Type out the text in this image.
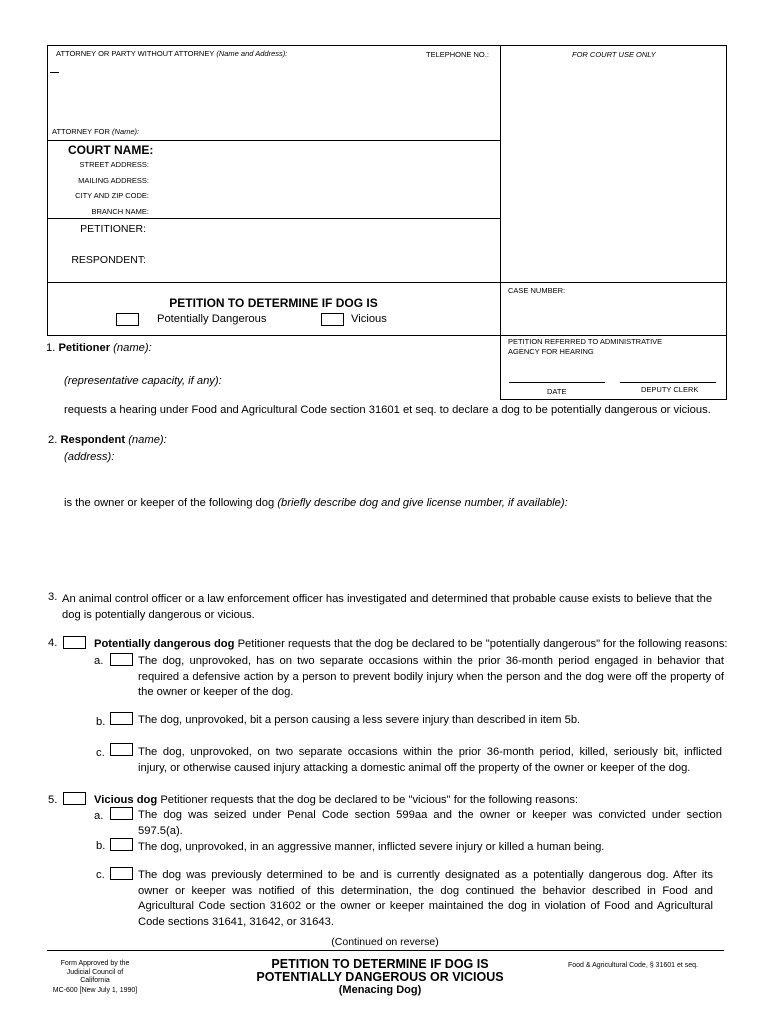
ATTORNEY OR PARTY WITHOUT ATTORNEY (Name and Address):	TELEPHONE NO.:	FOR COURT USE ONLY
ATTORNEY FOR (Name):
COURT NAME:
STREET ADDRESS:
MAILING ADDRESS:
CITY AND ZIP CODE:
BRANCH NAME:
PETITIONER:
RESPONDENT:
CASE NUMBER:
PETITION TO DETERMINE IF DOG IS
Potentially Dangerous	Vicious
PETITION REFERRED TO ADMINISTRATIVE
AGENCY FOR HEARING
DATE	DEPUTY CLERK
1. Petitioner (name):
(representative capacity, if any):
requests a hearing under Food and Agricultural Code section 31601 et seq. to declare a dog to be potentially dangerous or vicious.
2. Respondent (name):
(address):
is the owner or keeper of the following dog (briefly describe dog and give license number, if available):
3. An animal control officer or a law enforcement officer has investigated and determined that probable cause exists to believe that the
dog is potentially dangerous or vicious.
4.	Potentially dangerous dog Petitioner requests that the dog be declared to be "potentially dangerous" for the following reasons:
a.	The dog, unprovoked, has on two separate occasions within the prior 36-month period engaged in behavior that
required a defensive action by a person to prevent bodily injury when the person and the dog were off the property of
the owner or keeper of the dog.
b.	The dog, unprovoked, bit a person causing a less severe injury than described in item 5b.
c.	The dog, unprovoked, on two separate occasions within the prior 36-month period, killed, seriously bit, inflicted
injury, or otherwise caused injury attacking a domestic animal off the property of the owner or keeper of the dog.
5.	Vicious dog Petitioner requests that the dog be declared to be "vicious" for the following reasons:
a.	The dog was seized under Penal Code section 599aa and the owner or keeper was convicted under section
597.5(a).
b.	The dog, unprovoked, in an aggressive manner, inflicted severe injury or killed a human being.
c.	The dog was previously determined to be and is currently designated as a potentially dangerous dog. After its
owner or keeper was notified of this determination, the dog continued the behavior described in Food and
Agricultural Code section 31602 or the owner or keeper maintained the dog in violation of Food and Agricultural
Code sections 31641, 31642, or 31643.
(Continued on reverse)
Form Approved by the
Judicial Council of
California
MC-600 [New July 1, 1990]
PETITION TO DETERMINE IF DOG IS
POTENTIALLY DANGEROUS OR VICIOUS
(Menacing Dog)
Food & Agricultural Code, § 31601 et seq.
